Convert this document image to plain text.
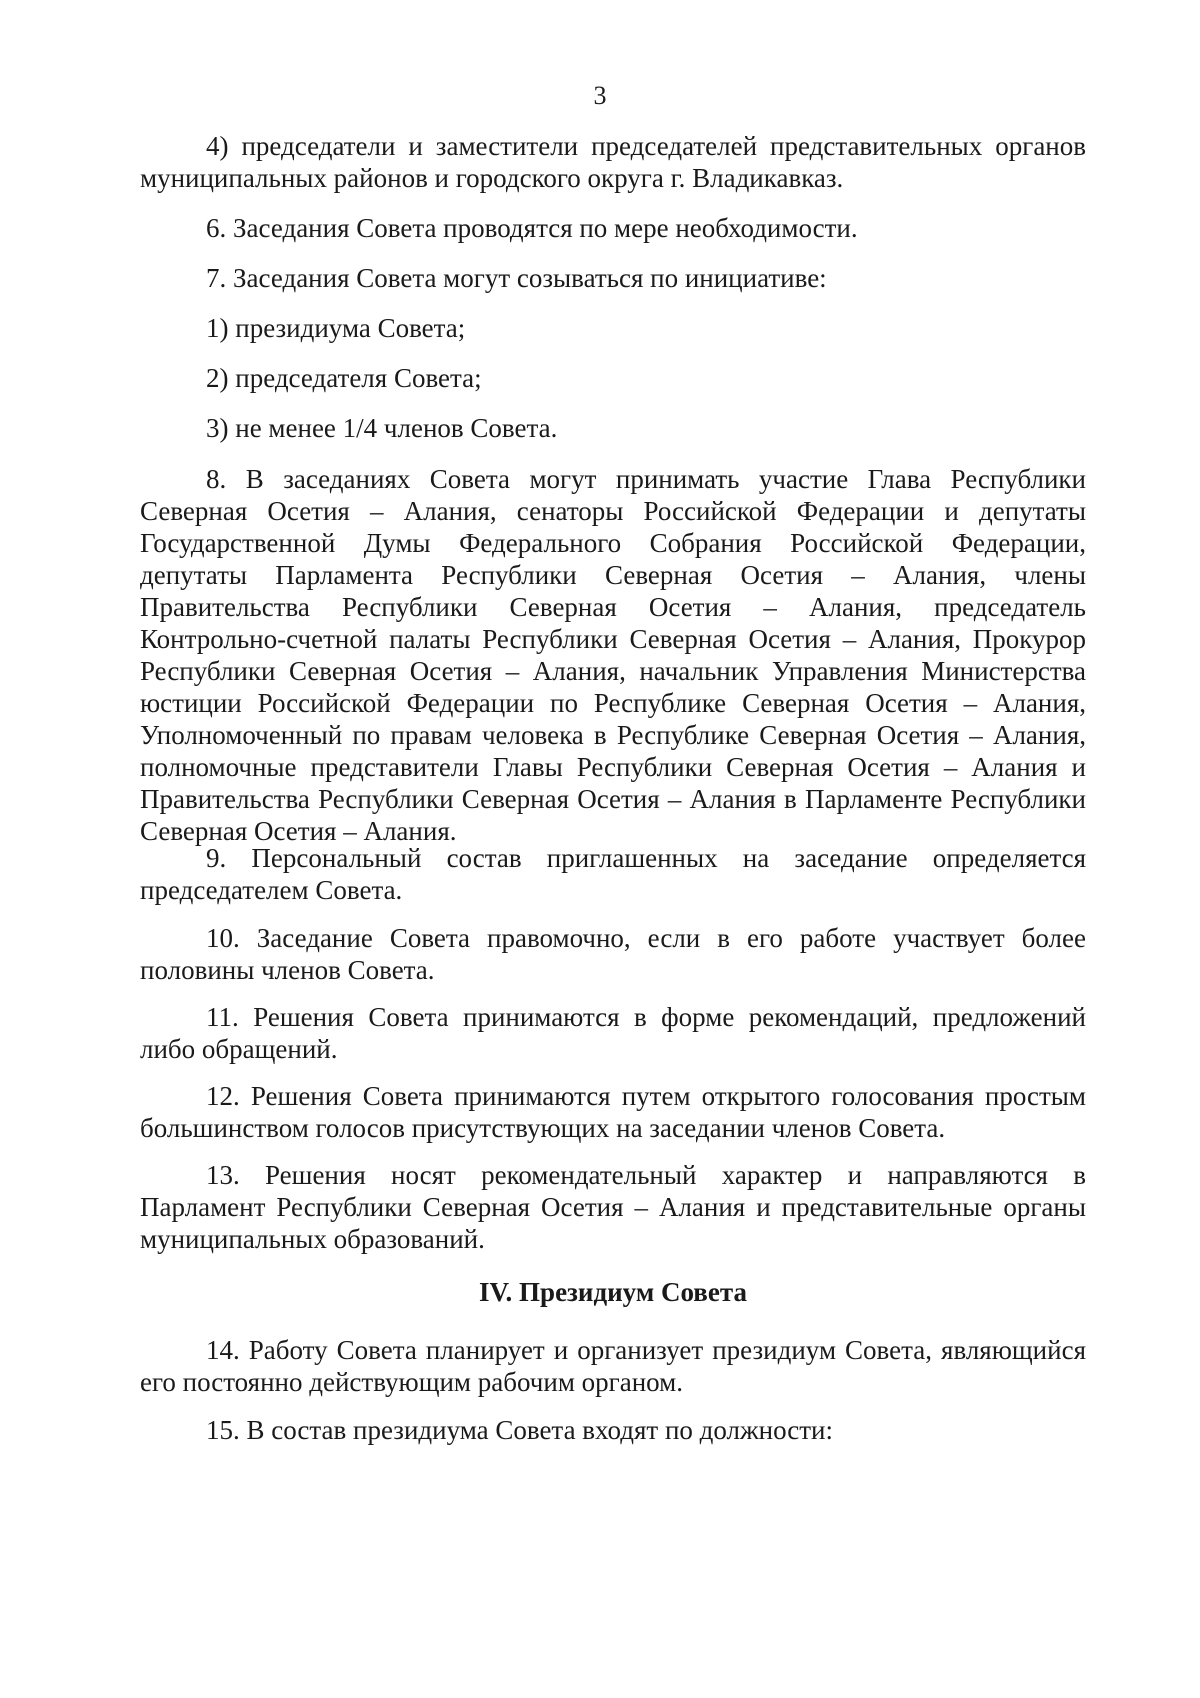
3

4) председатели и заместители председателей представительных органов муниципальных районов и городского округа г. Владикавказ.

6. Заседания Совета проводятся по мере необходимости.

7. Заседания Совета могут созываться по инициативе:

1) президиума Совета;

2) председателя Совета;

3) не менее 1/4 членов Совета.

8. В заседаниях Совета могут принимать участие Глава Республики Северная Осетия – Алания, сенаторы Российской Федерации и депутаты Государственной Думы Федерального Собрания Российской Федерации, депутаты Парламента Республики Северная Осетия – Алания, члены Правительства Республики Северная Осетия – Алания, председатель Контрольно-счетной палаты Республики Северная Осетия – Алания, Прокурор Республики Северная Осетия – Алания, начальник Управления Министерства юстиции Российской Федерации по Республике Северная Осетия – Алания, Уполномоченный по правам человека в Республике Северная Осетия – Алания, полномочные представители Главы Республики Северная Осетия – Алания и Правительства Республики Северная Осетия – Алания в Парламенте Республики Северная Осетия – Алания.

9. Персональный состав приглашенных на заседание определяется председателем Совета.

10. Заседание Совета правомочно, если в его работе участвует более половины членов Совета.

11. Решения Совета принимаются в форме рекомендаций, предложений либо обращений.

12. Решения Совета принимаются путем открытого голосования простым большинством голосов присутствующих на заседании членов Совета.

13. Решения носят рекомендательный характер и направляются в Парламент Республики Северная Осетия – Алания и представительные органы муниципальных образований.

IV. Президиум Совета

14. Работу Совета планирует и организует президиум Совета, являющийся его постоянно действующим рабочим органом.

15. В состав президиума Совета входят по должности:
